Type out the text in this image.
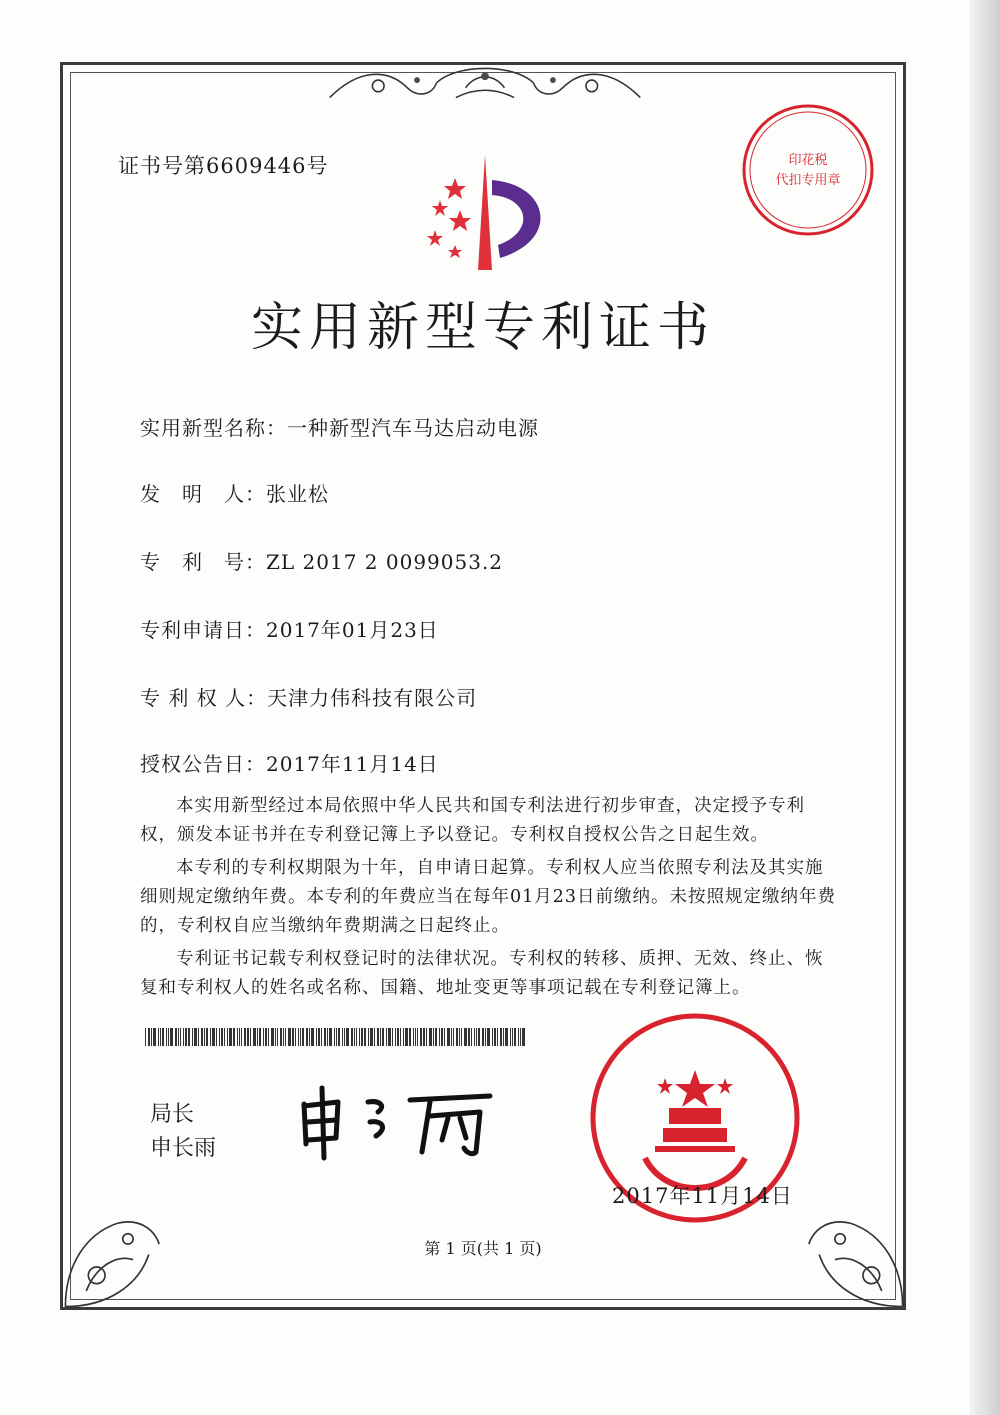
证书号第6609446号	印花税
代扣专用章
实用新型专利证书
实用新型名称：一种新型汽车马达启动电源
发　明　人：张业松
专　利　号：ZL 2017 2 0099053.2
专利申请日：2017年01月23日
专 利 权 人：天津力伟科技有限公司
授权公告日：2017年11月14日

本实用新型经过本局依照中华人民共和国专利法进行初步审查，决定授予专利权，颁发本证书并在专利登记簿上予以登记。专利权自授权公告之日起生效。

本专利的专利权期限为十年，自申请日起算。专利权人应当依照专利法及其实施细则规定缴纳年费。本专利的年费应当在每年01月23日前缴纳。未按照规定缴纳年费的，专利权自应当缴纳年费期满之日起终止。

专利证书记载专利权登记时的法律状况。专利权的转移、质押、无效、终止、恢复和专利权人的姓名或名称、国籍、地址变更等事项记载在专利登记簿上。

局长
申长雨
2017年11月14日
第 1 页(共 1 页)
